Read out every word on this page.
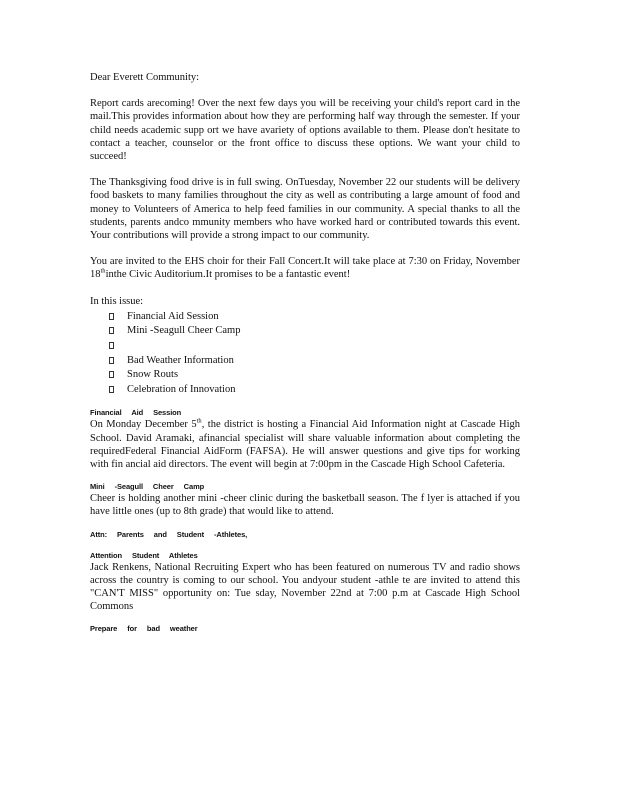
Dear Everett Community:

Report cards arecoming! Over the next few days you will be receiving your child's report card in the mail.This provides information about how they are performing half way through the semester. If your child needs academic supp ort we have avariety of options available to them. Please don't hesitate to contact a teacher, counselor or the front office to discuss these options. We want your child to succeed!

The Thanksgiving food drive is in full swing. OnTuesday, November 22 our students will be delivery food baskets to many families throughout the city as well as contributing a large amount of food and money to Volunteers of America to help feed families in our community. A special thanks to all the students, parents andco mmunity members who have worked hard or contributed towards this event. Your contributions will provide a strong impact to our community.

You are invited to the EHS choir for their Fall Concert.It will take place at 7:30 on Friday, November 18thinthe Civic Auditorium.It promises to be a fantastic event!

In this issue:

Financial Aid Session
Mini -Seagull Cheer Camp
Bad Weather Information
Snow Routs
Celebration of Innovation

Financial Aid Session

On Monday December 5th, the district is hosting a Financial Aid Information night at Cascade High School. David Aramaki, afinancial specialist will share valuable information about completing the requiredFederal Financial AidForm (FAFSA). He will answer questions and give tips for working with fin ancial aid directors. The event will begin at 7:00pm in the Cascade High School Cafeteria.

Mini -Seagull Cheer Camp

Cheer is holding another mini -cheer clinic during the basketball season. The f lyer is attached if you have little ones (up to 8th grade) that would like to attend.

Attn: Parents and Student -Athletes,

Attention Student Athletes

Jack Renkens, National Recruiting Expert who has been featured on numerous TV and radio shows across the country is coming to our school. You andyour student -athle te are invited to attend this "CAN'T MISS" opportunity on: Tue sday, November 22nd at 7:00 p.m at Cascade High School Commons

Prepare for bad weather
